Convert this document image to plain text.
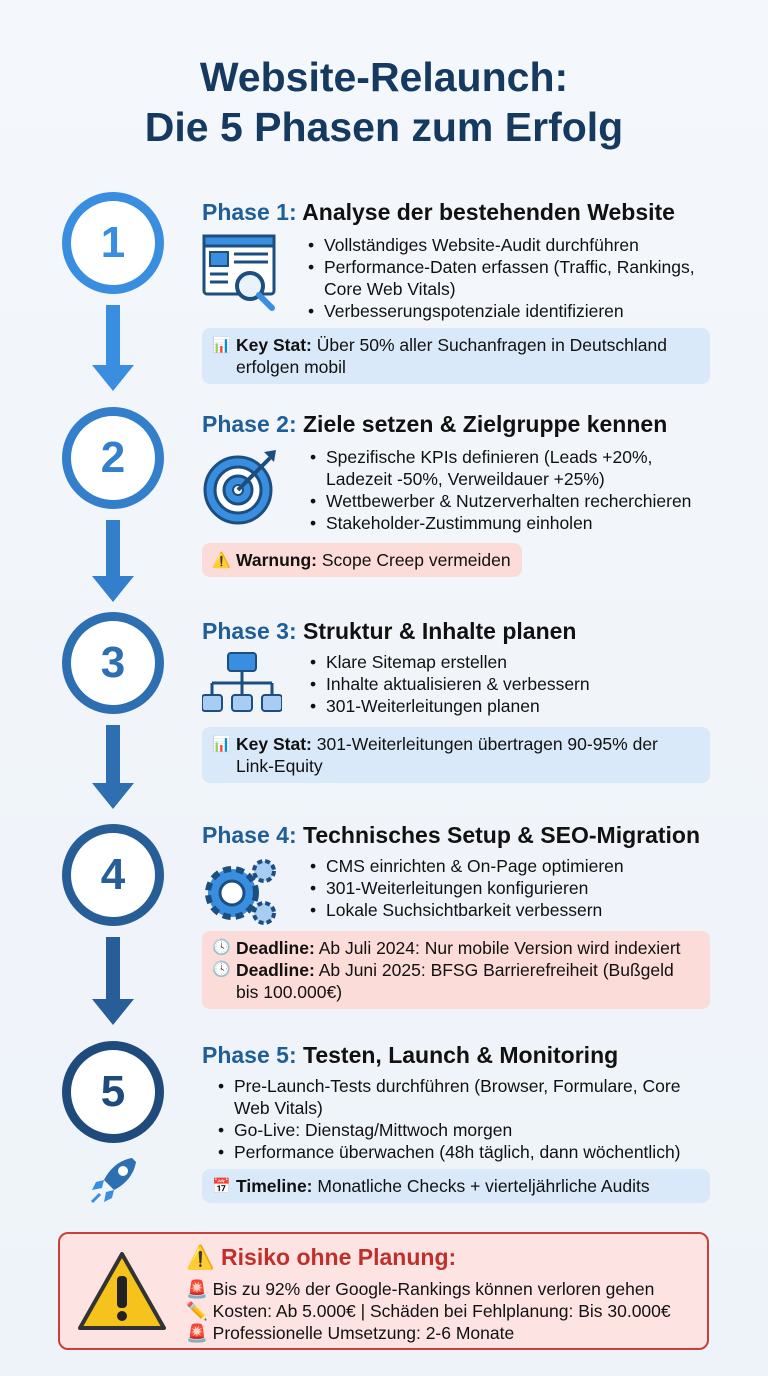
Website-Relaunch:
Die 5 Phasen zum Erfolg
1
2
3
4
5
Phase 1: Analyse der bestehenden Website
• Vollständiges Website-Audit durchführen
• Performance-Daten erfassen (Traffic, Rankings, Core Web Vitals)
• Verbesserungspotenziale identifizieren
📊 Key Stat: Über 50% aller Suchanfragen in Deutschland erfolgen mobil
Phase 2: Ziele setzen & Zielgruppe kennen
• Spezifische KPIs definieren (Leads +20%, Ladezeit -50%, Verweildauer +25%)
• Wettbewerber & Nutzerverhalten recherchieren
• Stakeholder-Zustimmung einholen
⚠️ Warnung: Scope Creep vermeiden
Phase 3: Struktur & Inhalte planen
• Klare Sitemap erstellen
• Inhalte aktualisieren & verbessern
• 301-Weiterleitungen planen
📊 Key Stat: 301-Weiterleitungen übertragen 90-95% der Link-Equity
Phase 4: Technisches Setup & SEO-Migration
• CMS einrichten & On-Page optimieren
• 301-Weiterleitungen konfigurieren
• Lokale Suchsichtbarkeit verbessern
🕓 Deadline: Ab Juli 2024: Nur mobile Version wird indexiert
🕓 Deadline: Ab Juni 2025: BFSG Barrierefreiheit (Bußgeld bis 100.000€)
Phase 5: Testen, Launch & Monitoring
• Pre-Launch-Tests durchführen (Browser, Formulare, Core Web Vitals)
• Go-Live: Dienstag/Mittwoch morgen
• Performance überwachen (48h täglich, dann wöchentlich)
📅 Timeline: Monatliche Checks + vierteljährliche Audits
⚠️ Risiko ohne Planung:
🚨 Bis zu 92% der Google-Rankings können verloren gehen
✏️ Kosten: Ab 5.000€ | Schäden bei Fehlplanung: Bis 30.000€
🚨 Professionelle Umsetzung: 2-6 Monate
